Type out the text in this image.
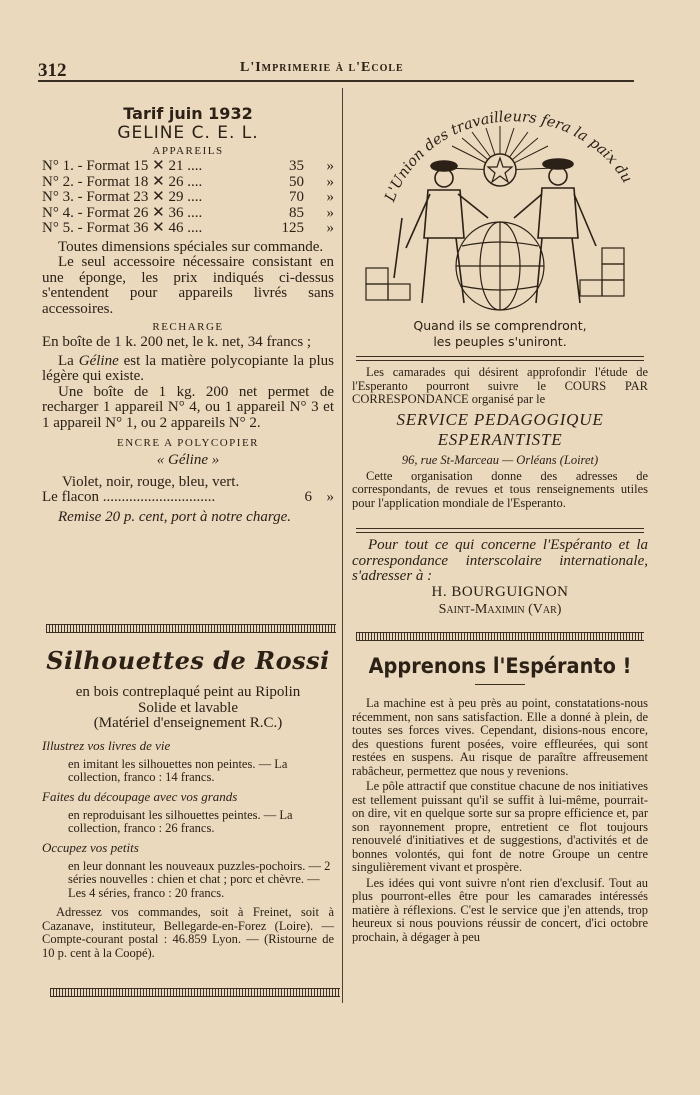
312	L'Imprimerie à l'Ecole
Tarif juin 1932
GELINE C. E. L.
APPAREILS
N° 1. - Format 15 ✕ 21 ....	35	»
N° 2. - Format 18 ✕ 26 ....	50	»
N° 3. - Format 23 ✕ 29 ....	70	»
N° 4. - Format 26 ✕ 36 ....	85	»
N° 5. - Format 36 ✕ 46 ....	125	»
Toutes dimensions spéciales sur commande.
Le seul accessoire nécessaire consistant en une éponge, les prix indiqués ci-dessus s'entendent pour appareils livrés sans accessoires.
RECHARGE
En boîte de 1 k. 200 net, le k. net, 34 francs ;
La Géline est la matière polycopiante la plus légère qui existe.
Une boîte de 1 kg. 200 net permet de recharger 1 appareil N° 4, ou 1 appareil N° 3 et 1 appareil N° 1, ou 2 appareils N° 2.
ENCRE A POLYCOPIER
« Géline »
Violet, noir, rouge, bleu, vert.
Le flacon ..............................	6 »
Remise 20 p. cent, port à notre charge.
Silhouettes de Rossi
en bois contreplaqué peint au Ripolin
Solide et lavable
(Matériel d'enseignement R.C.)
Illustrez vos livres de vie
en imitant les silhouettes non peintes. — La collection, franco : 14 francs.
Faites du découpage avec vos grands
en reproduisant les silhouettes peintes. — La collection, franco : 26 francs.
Occupez vos petits
en leur donnant les nouveaux puzzles-pochoirs. — 2 séries nouvelles : chien et chat ; porc et chèvre. — Les 4 séries, franco : 20 francs.
Adressez vos commandes, soit à Freinet, soit à Cazanave, instituteur, Bellegarde-en-Forez (Loire). — Compte-courant postal : 46.859 Lyon. — (Ristourne de 10 p. cent à la Coopé).
L'Union des travailleurs fera la paix du
Quand ils se comprendront,
les peuples s'uniront.
Les camarades qui désirent approfondir l'étude de l'Esperanto pourront suivre le COURS PAR CORRESPONDANCE organisé par le
SERVICE PEDAGOGIQUE
ESPERANTISTE
96, rue St-Marceau — Orléans (Loiret)
Cette organisation donne des adresses de correspondants, de revues et tous renseignements utiles pour l'application mondiale de l'Esperanto.
Pour tout ce qui concerne l'Espéranto et la correspondance interscolaire internationale, s'adresser à :
H. BOURGUIGNON
Saint-Maximin (Var)
Apprenons l'Espéranto !
La machine est à peu près au point, constatations-nous récemment, non sans satisfaction. Elle a donné à plein, de toutes ses forces vives. Cependant, disions-nous encore, des questions furent posées, voire effleurées, qui sont restées en suspens. Au risque de paraître affreusement rabâcheur, permettez que nous y revenions.
Le pôle attractif que constitue chacune de nos initiatives est tellement puissant qu'il se suffit à lui-même, pourrait-on dire, vit en quelque sorte sur sa propre efficience et, par son rayonnement propre, entretient ce flot toujours renouvelé d'initiatives et de suggestions, d'activités et de bonnes volontés, qui font de notre Groupe un centre singulièrement vivant et prospère.
Les idées qui vont suivre n'ont rien d'exclusif. Tout au plus pourront-elles être pour les camarades intéressés matière à réflexions. C'est le service que j'en attends, trop heureux si nous pouvions réussir de concert, d'ici octobre prochain, à dégager à peu
